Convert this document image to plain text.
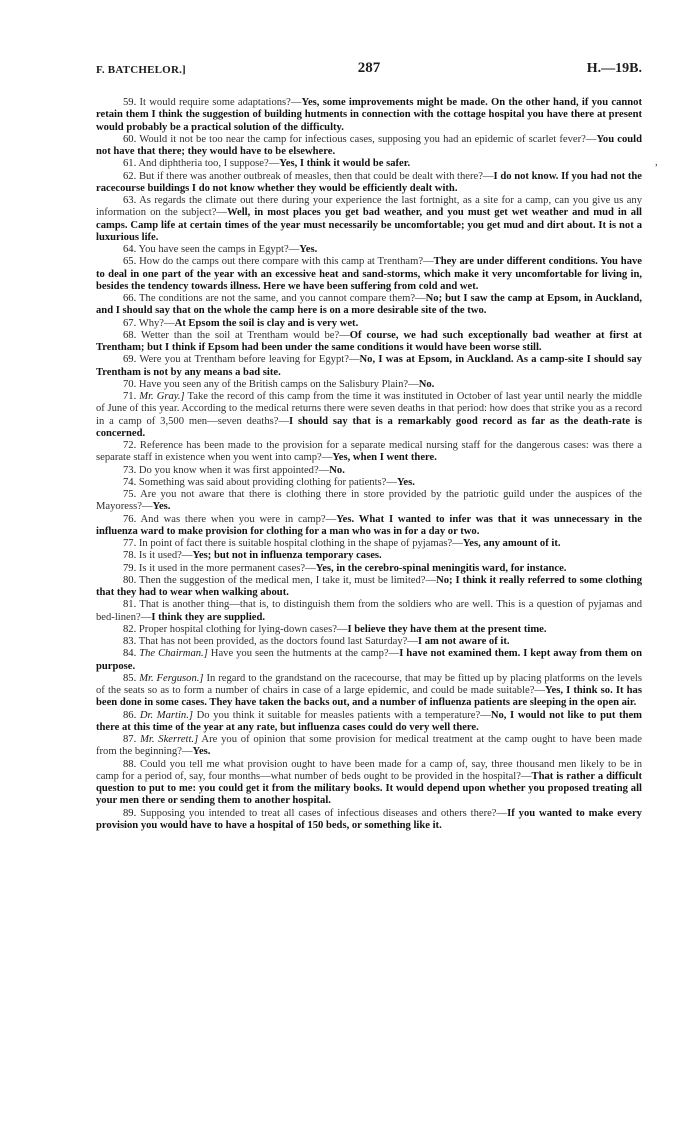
F. BATCHELOR.]	287	H.—19B.
,

59. It would require some adaptations?—Yes, some improvements might be made. On the other hand, if you cannot retain them I think the suggestion of building hutments in connection with the cottage hospital you have there at present would probably be a practical solution of the difficulty.

60. Would it not be too near the camp for infectious cases, supposing you had an epidemic of scarlet fever?—You could not have that there; they would have to be elsewhere.

61. And diphtheria too, I suppose?—Yes, I think it would be safer.

62. But if there was another outbreak of measles, then that could be dealt with there?—I do not know. If you had not the racecourse buildings I do not know whether they would be efficiently dealt with.

63. As regards the climate out there during your experience the last fortnight, as a site for a camp, can you give us any information on the subject?—Well, in most places you get bad weather, and you must get wet weather and mud in all camps. Camp life at certain times of the year must necessarily be uncomfortable; you get mud and dirt about. It is not a luxurious life.

64. You have seen the camps in Egypt?—Yes.

65. How do the camps out there compare with this camp at Trentham?—They are under different conditions. You have to deal in one part of the year with an excessive heat and sand-storms, which make it very uncomfortable for living in, besides the tendency towards illness. Here we have been suffering from cold and wet.

66. The conditions are not the same, and you cannot compare them?—No; but I saw the camp at Epsom, in Auckland, and I should say that on the whole the camp here is on a more desirable site of the two.

67. Why?—At Epsom the soil is clay and is very wet.

68. Wetter than the soil at Trentham would be?—Of course, we had such exceptionally bad weather at first at Trentham; but I think if Epsom had been under the same conditions it would have been worse still.

69. Were you at Trentham before leaving for Egypt?—No, I was at Epsom, in Auckland. As a camp-site I should say Trentham is not by any means a bad site.

70. Have you seen any of the British camps on the Salisbury Plain?—No.

71. Mr. Gray.] Take the record of this camp from the time it was instituted in October of last year until nearly the middle of June of this year. According to the medical returns there were seven deaths in that period: how does that strike you as a record in a camp of 3,500 men—seven deaths?—I should say that is a remarkably good record as far as the death-rate is concerned.

72. Reference has been made to the provision for a separate medical nursing staff for the dangerous cases: was there a separate staff in existence when you went into camp?—Yes, when I went there.

73. Do you know when it was first appointed?—No.

74. Something was said about providing clothing for patients?—Yes.

75. Are you not aware that there is clothing there in store provided by the patriotic guild under the auspices of the Mayoress?—Yes.

76. And was there when you were in camp?—Yes. What I wanted to infer was that it was unnecessary in the influenza ward to make provision for clothing for a man who was in for a day or two.

77. In point of fact there is suitable hospital clothing in the shape of pyjamas?—Yes, any amount of it.

78. Is it used?—Yes; but not in influenza temporary cases.

79. Is it used in the more permanent cases?—Yes, in the cerebro-spinal meningitis ward, for instance.

80. Then the suggestion of the medical men, I take it, must be limited?—No; I think it really referred to some clothing that they had to wear when walking about.

81. That is another thing—that is, to distinguish them from the soldiers who are well. This is a question of pyjamas and bed-linen?—I think they are supplied.

82. Proper hospital clothing for lying-down cases?—I believe they have them at the present time.

83. That has not been provided, as the doctors found last Saturday?—I am not aware of it.

84. The Chairman.] Have you seen the hutments at the camp?—I have not examined them. I kept away from them on purpose.

85. Mr. Ferguson.] In regard to the grandstand on the racecourse, that may be fitted up by placing platforms on the levels of the seats so as to form a number of chairs in case of a large epidemic, and could be made suitable?—Yes, I think so. It has been done in some cases. They have taken the backs out, and a number of influenza patients are sleeping in the open air.

86. Dr. Martin.] Do you think it suitable for measles patients with a temperature?—No, I would not like to put them there at this time of the year at any rate, but influenza cases could do very well there.

87. Mr. Skerrett.] Are you of opinion that some provision for medical treatment at the camp ought to have been made from the beginning?—Yes.

88. Could you tell me what provision ought to have been made for a camp of, say, three thousand men likely to be in camp for a period of, say, four months—what number of beds ought to be provided in the hospital?—That is rather a difficult question to put to me: you could get it from the military books. It would depend upon whether you proposed treating all your men there or sending them to another hospital.

89. Supposing you intended to treat all cases of infectious diseases and others there?—If you wanted to make every provision you would have to have a hospital of 150 beds, or something like it.
